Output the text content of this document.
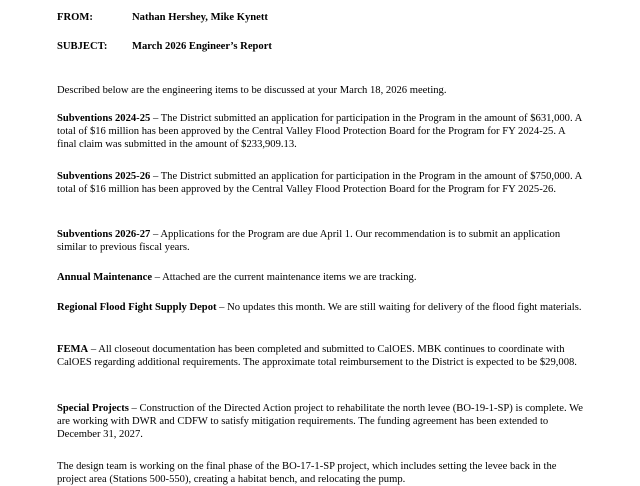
FROM:	Nathan Hershey, Mike Kynett
SUBJECT: March 2026 Engineer’s Report

Described below are the engineering items to be discussed at your March 18, 2026 meeting.

Subventions 2024-25 – The District submitted an application for participation in the Program in the amount of $631,000. A total of $16 million has been approved by the Central Valley Flood Protection Board for the Program for FY 2024-25. A final claim was submitted in the amount of $233,909.13.

Subventions 2025-26 – The District submitted an application for participation in the Program in the amount of $750,000. A total of $16 million has been approved by the Central Valley Flood Protection Board for the Program for FY 2025-26.

Subventions 2026-27 – Applications for the Program are due April 1. Our recommendation is to submit an application similar to previous fiscal years.

Annual Maintenance – Attached are the current maintenance items we are tracking.

Regional Flood Fight Supply Depot – No updates this month. We are still waiting for delivery of the flood fight materials.

FEMA – All closeout documentation has been completed and submitted to CalOES. MBK continues to coordinate with CalOES regarding additional requirements. The approximate total reimbursement to the District is expected to be $29,008.

Special Projects – Construction of the Directed Action project to rehabilitate the north levee (BO-19-1-SP) is complete. We are working with DWR and CDFW to satisfy mitigation requirements. The funding agreement has been extended to December 31, 2027.

The design team is working on the final phase of the BO-17-1-SP project, which includes setting the levee back in the project area (Stations 500-550), creating a habitat bench, and relocating the pump.
